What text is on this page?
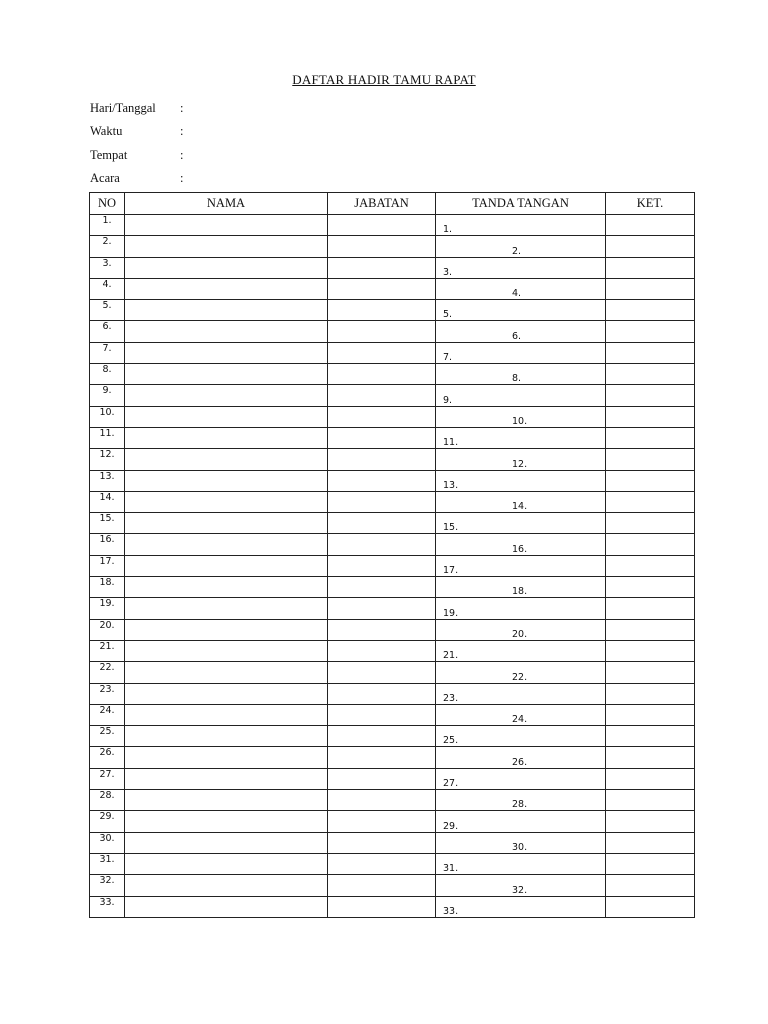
DAFTAR HADIR TAMU RAPAT
Hari/Tanggal	:
Waktu	:
Tempat	:
Acara	:
NO	NAMA	JABATAN	TANDA TANGAN	KET.
1.			1.	
2.			2.	
3.			3.	
4.			4.	
5.			5.	
6.			6.	
7.			7.	
8.			8.	
9.			9.	
10.			10.	
11.			11.	
12.			12.	
13.			13.	
14.			14.	
15.			15.	
16.			16.	
17.			17.	
18.			18.	
19.			19.	
20.			20.	
21.			21.	
22.			22.	
23.			23.	
24.			24.	
25.			25.	
26.			26.	
27.			27.	
28.			28.	
29.			29.	
30.			30.	
31.			31.	
32.			32.	
33.			33.	
